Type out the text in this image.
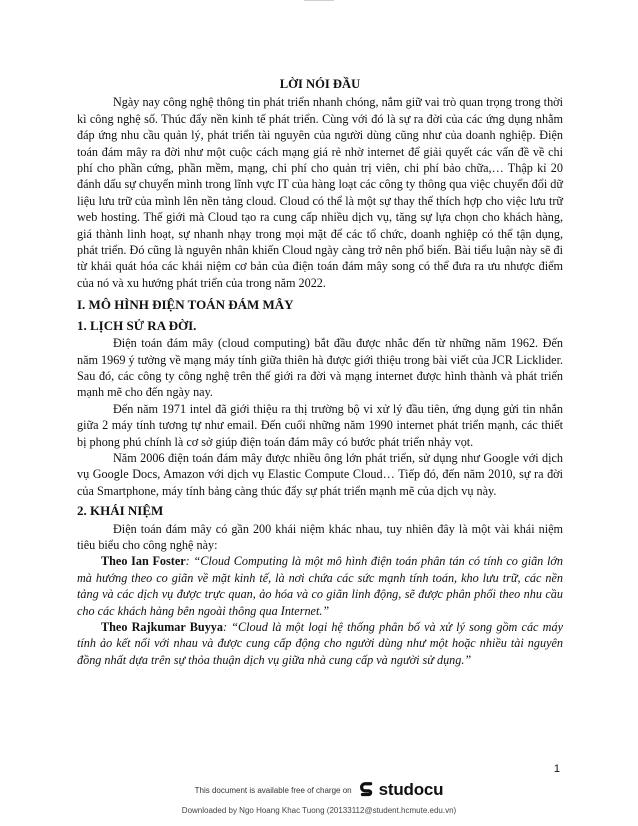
LỜI NÓI ĐẦU

Ngày nay công nghệ thông tin phát triển nhanh chóng, nắm giữ vai trò quan trọng trong thời kì công nghệ số. Thúc đẩy nền kinh tế phát triển. Cùng với đó là sự ra đời của các ứng dụng nhằm đáp ứng nhu cầu quản lý, phát triển tài nguyên của người dùng cũng như của doanh nghiệp. Điện toán đám mây ra đời như một cuộc cách mạng giá rẻ nhờ internet để giải quyết các vấn đề về chi phí cho phần cứng, phần mềm, mạng, chi phí cho quản trị viên, chi phí bảo chữa,… Thập kỉ 20 đánh dấu sự chuyển mình trong lĩnh vực IT của hàng loạt các công ty thông qua việc chuyển đổi dữ liệu lưu trữ của mình lên nền tảng cloud. Cloud có thể là một sự thay thế thích hợp cho việc lưu trữ web hosting. Thế giới mà Cloud tạo ra cung cấp nhiều dịch vụ, tăng sự lựa chọn cho khách hàng, giá thành linh hoạt, sự nhanh nhạy trong mọi mặt để các tổ chức, doanh nghiệp có thể tận dụng, phát triển. Đó cũng là nguyên nhân khiến Cloud ngày càng trở nên phổ biến. Bài tiểu luận này sẽ đi từ khái quát hóa các khái niệm cơ bản của điện toán đám mây song có thể đưa ra ưu nhược điểm của nó và xu hướng phát triển của trong năm 2022.

I. MÔ HÌNH ĐIỆN TOÁN ĐÁM MÂY
1. LỊCH SỬ RA ĐỜI.

Điện toán đám mây (cloud computing) bắt đầu được nhắc đến từ những năm 1962. Đến năm 1969 ý tưởng về mạng máy tính giữa thiên hà được giới thiệu trong bài viết của JCR Licklider. Sau đó, các công ty công nghệ trên thế giới ra đời và mạng internet được hình thành và phát triển mạnh mẽ cho đến ngày nay.

Đến năm 1971 intel đã giới thiệu ra thị trường bộ vi xử lý đầu tiên, ứng dụng gửi tin nhắn giữa 2 máy tính tương tự như email. Đến cuối những năm 1990 internet phát triển mạnh, các thiết bị phong phú chính là cơ sở giúp điện toán đám mây có bước phát triển nhảy vọt.

Năm 2006 điện toán đám mây được nhiều ông lớn phát triển, sử dụng như Google với dịch vụ Google Docs, Amazon với dịch vụ Elastic Compute Cloud… Tiếp đó, đến năm 2010, sự ra đời của Smartphone, máy tính bảng càng thúc đẩy sự phát triển mạnh mẽ của dịch vụ này.

2. KHÁI NIỆM

Điện toán đám mây có gần 200 khái niệm khác nhau, tuy nhiên đây là một vài khái niệm tiêu biểu cho công nghệ này:

Theo Ian Foster: “Cloud Computing là một mô hình điện toán phân tán có tính co giãn lớn mà hướng theo co giãn về mặt kinh tế, là nơi chứa các sức mạnh tính toán, kho lưu trữ, các nền tảng và các dịch vụ được trực quan, ảo hóa và co giãn linh động, sẽ được phân phối theo nhu cầu cho các khách hàng bên ngoài thông qua Internet.”

Theo Rajkumar Buyya: “Cloud là một loại hệ thống phân bố và xử lý song gồm các máy tính ảo kết nối với nhau và được cung cấp động cho người dùng như một hoặc nhiều tài nguyên đồng nhất dựa trên sự thỏa thuận dịch vụ giữa nhà cung cấp và người sử dụng.”

1
This document is available free of charge on studocu
Downloaded by Ngo Hoang Khac Tuong (20133112@student.hcmute.edu.vn)
